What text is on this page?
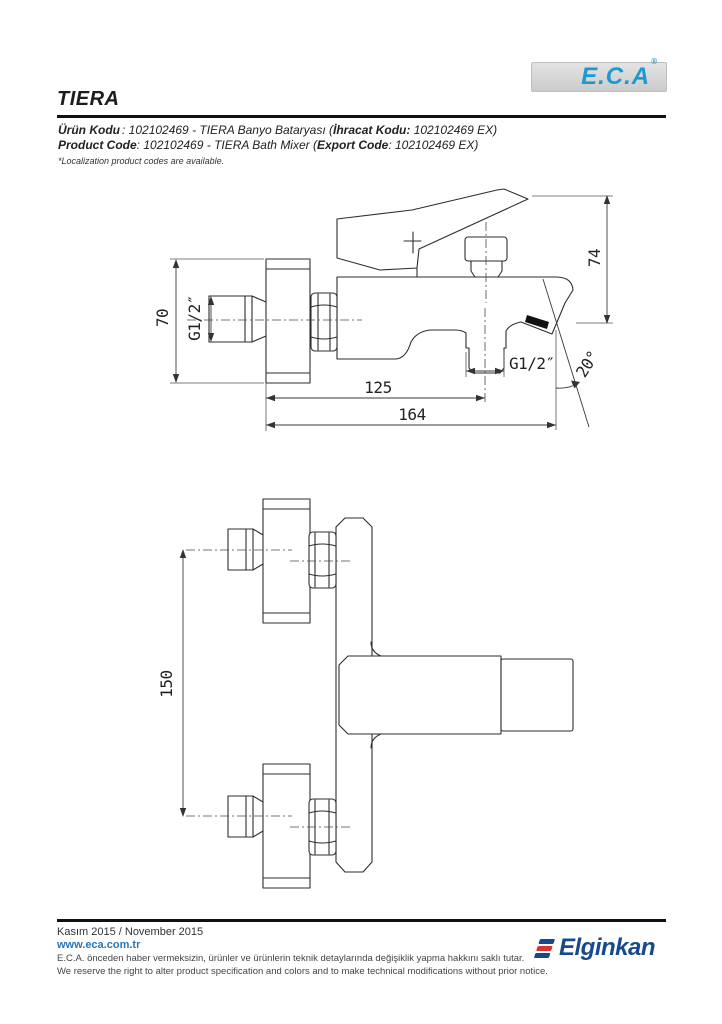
70 G1/2″
74
125
164
G1/2″ 20°
150
TIERA
E.C.A®
Ürün Kodu : 102102469 - TIERA Banyo Bataryası (İhracat Kodu: 102102469 EX)
Product Code: 102102469 - TIERA Bath Mixer (Export Code: 102102469 EX)
*Localization product codes are available.
Kasım 2015 / November 2015
www.eca.com.tr
E.C.A. önceden haber vermeksizin, ürünler ve ürünlerin teknik detaylarında değişiklik yapma hakkını saklı tutar.
We reserve the right to alter product specification and colors and to make technical modifications without prior notice.
Elginkan
